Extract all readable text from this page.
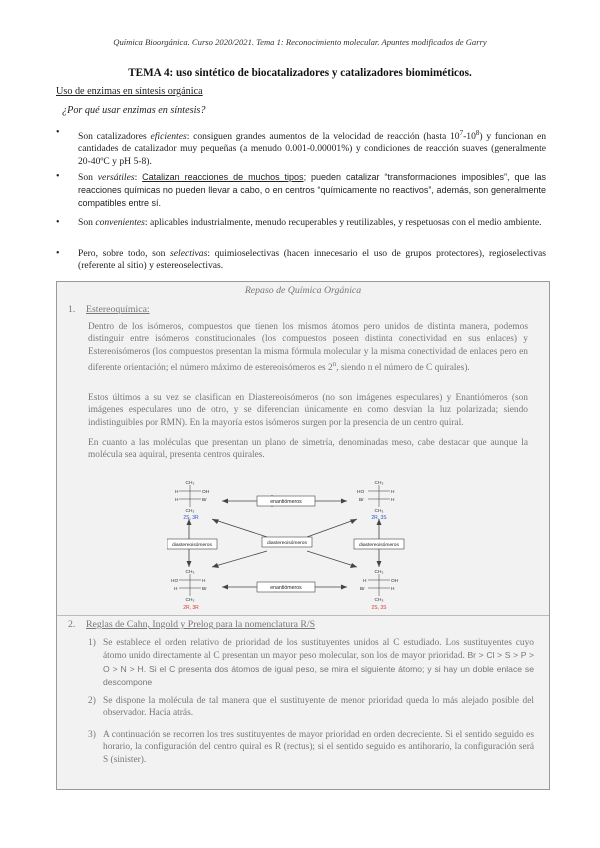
Química Bioorgánica. Curso 2020/2021. Tema 1: Reconocimiento molecular. Apuntes modificados de Garry
TEMA 4: uso sintético de biocatalizadores y catalizadores biomiméticos.
Uso de enzimas en síntesis orgánica
¿Por qué usar enzimas en síntesis?
• Son catalizadores eficientes: consiguen grandes aumentos de la velocidad de reacción (hasta $10^7-10^8$) y funcionan en cantidades de catalizador muy pequeñas (a menudo 0.001-0.00001%) y condiciones de reacción suaves (generalmente 20-40ºC y pH 5-8).
• Son versátiles: Catalizan reacciones de muchos tipos; pueden catalizar “transformaciones imposibles”, que las reacciones químicas no pueden llevar a cabo, o en centros “químicamente no reactivos”, además, son generalmente compatibles entre sí.
• Son convenientes: aplicables industrialmente, menudo recuperables y reutilizables, y respetuosas con el medio ambiente.
• Pero, sobre todo, son selectivas: quimioselectivas (hacen innecesario el uso de grupos protectores), regioselectivas (referente al sitio) y estereoselectivas.
Repaso de Química Orgánica
1. Estereoquímica:
Dentro de los isómeros, compuestos que tienen los mismos átomos pero unidos de distinta manera, podemos distinguir entre isómeros constitucionales (los compuestos poseen distinta conectividad en sus enlaces) y Estereoisómeros (los compuestos presentan la misma fórmula molecular y la misma conectividad de enlaces pero en diferente orientación; el número máximo de estereoisómeros es 2$^n$, siendo n el número de C quirales).
Estos últimos a su vez se clasifican en Diastereoisómeros (no son imágenes especulares) y Enantiómeros (son imágenes especulares uno de otro, y se diferencian únicamente en como desvían la luz polarizada; siendo indistinguibles por RMN). En la mayoría estos isómeros surgen por la presencia de un centro quiral.
En cuanto a las moléculas que presentan un plano de simetría, denominadas meso, cabe destacar que aunque la molécula sea aquiral, presenta centros quirales.
CH₃
H	OH
H	Br
CH₃
2S, 3R
CH₃
HO	H
Br	H
CH₃
2R, 3S
CH₃
HO	H
H	Br
CH₃
2R, 3R
CH₃
H	OH
Br	H
CH₃
2S, 3S
enantiómeros
enantiómeros
diastereoisómeros	diastereoisómeros	diastereoisómeros
2. Reglas de Cahn, Ingold y Prelog para la nomenclatura R/S
1) Se establece el orden relativo de prioridad de los sustituyentes unidos al C estudiado. Los sustituyentes cuyo átomo unido directamente al C presentan un mayor peso molecular, son los de mayor prioridad. Br > Cl > S > P > O > N > H. Si el C presenta dos átomos de igual peso, se mira el siguiente átomo; y si hay un doble enlace se descompone
2) Se dispone la molécula de tal manera que el sustituyente de menor prioridad queda lo más alejado posible del observador. Hacia atrás.
3) A continuación se recorren los tres sustituyentes de mayor prioridad en orden decreciente. Si el sentido seguido es horario, la configuración del centro quiral es R (rectus); si el sentido seguido es antihorario, la configuración será S (sinister).
